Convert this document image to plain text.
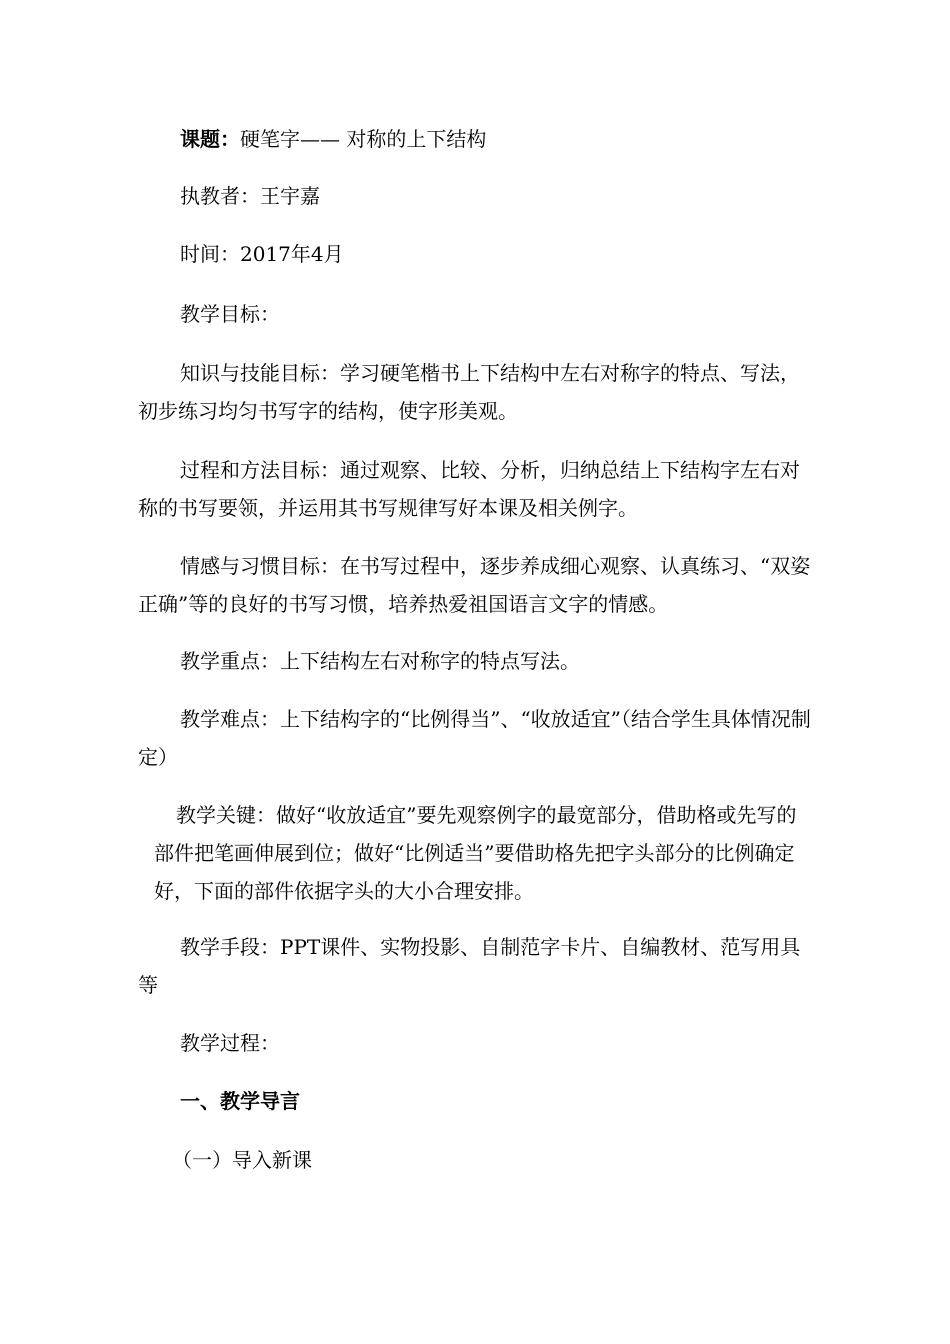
课题：硬笔字—— 对称的上下结构

执教者：王宇嘉

时间：2017年4月

教学目标：

知识与技能目标：学习硬笔楷书上下结构中左右对称字的特点、写法，初步练习均匀书写字的结构，使字形美观。

过程和方法目标：通过观察、比较、分析，归纳总结上下结构字左右对称的书写要领，并运用其书写规律写好本课及相关例字。

情感与习惯目标：在书写过程中，逐步养成细心观察、认真练习、“双姿正确”等的良好的书写习惯，培养热爱祖国语言文字的情感。

教学重点：上下结构左右对称字的特点写法。

教学难点：上下结构字的“比例得当”、“收放适宜”（结合学生具体情况制定）

教学关键：做好“收放适宜”要先观察例字的最宽部分，借助格或先写的部件把笔画伸展到位；做好“比例适当”要借助格先把字头部分的比例确定好，下面的部件依据字头的大小合理安排。

教学手段：PPT课件、实物投影、自制范字卡片、自编教材、范写用具等

教学过程：

一、教学导言

（一）导入新课
